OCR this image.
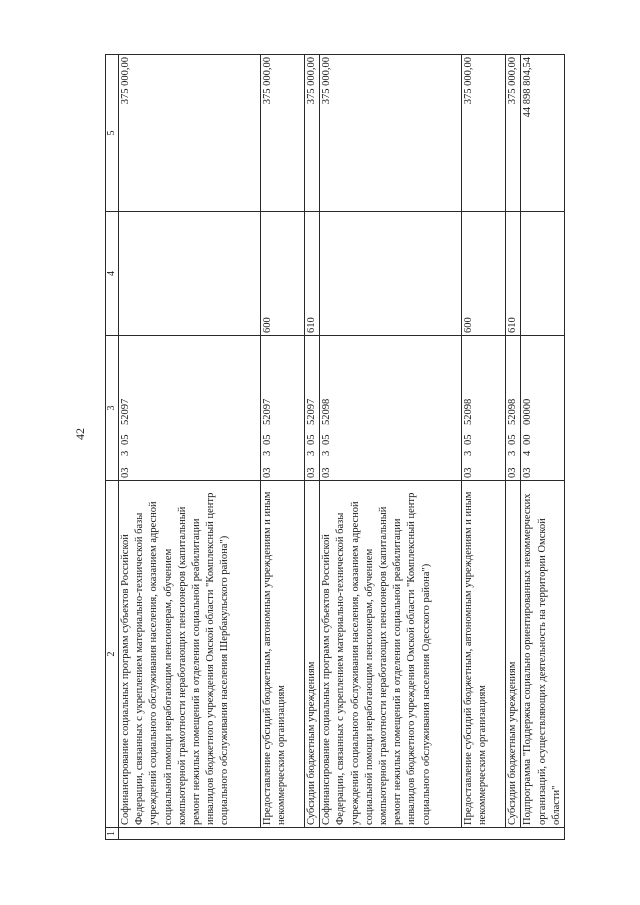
42
1	2	3	4	5
	Софинансирование социальных программ субъектов Российской Федерации, связанных с укреплением материально-технической базы учреждений социального обслуживания населения, оказанием адресной социальной помощи неработающим пенсионерам, обучением компьютерной грамотности неработающих пенсионеров (капитальный ремонт нежилых помещений в отделении социальной реабилитации инвалидов бюджетного учреждения Омской области "Комплексный центр социального обслуживания населения Шербакульского района")	0330552097		375 000,00
	Предоставление субсидий бюджетным, автономным учреждениям и иным некоммерческим организациям	0330552097	600	375 000,00
	Субсидии бюджетным учреждениям	0330552097	610	375 000,00
	Софинансирование социальных программ субъектов Российской Федерации, связанных с укреплением материально-технической базы учреждений социального обслуживания населения, оказанием адресной социальной помощи неработающим пенсионерам, обучением компьютерной грамотности неработающих пенсионеров (капитальный ремонт нежилых помещений в отделении социальной реабилитации инвалидов бюджетного учреждения Омской области "Комплексный центр социального обслуживания населения Одесского района")	0330552098		375 000,00
	Предоставление субсидий бюджетным, автономным учреждениям и иным некоммерческим организациям	0330552098	600	375 000,00
	Субсидии бюджетным учреждениям	0330552098	610	375 000,00
	Подпрограмма "Поддержка социально ориентированных некоммерческих организаций, осуществляющих деятельность на территории Омской области"	0340000000		44 898 804,54
